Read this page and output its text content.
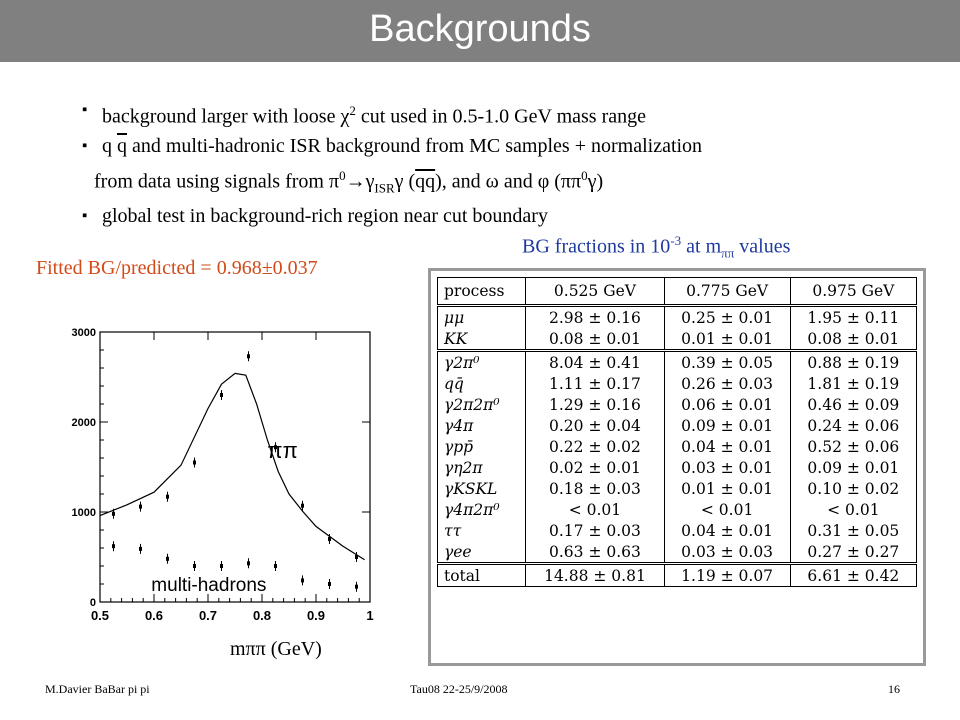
Backgrounds
▪ background larger with loose $\chi^2$ cut used in 0.5-1.0 GeV mass range
▪ q $\overline{q}$ and multi-hadronic ISR background from MC samples + normalization
from data using signals from $\pi^0\to\gamma_{ISR}\gamma$ $(\overline{qq})$, and ω and φ $(\pi\pi^0\gamma)$
▪ global test in background-rich region near cut boundary
BG fractions in $10^{-3}$ at $m_{\pi\pi}$ values
Fitted BG/predicted = 0.968±0.037
0.5	0.6	0.7	0.8	0.9	1
0
1000
2000
3000
ππ
multi-hadrons
mππ (GeV)
process	0.525 GeV	0.775 GeV	0.975 GeV
μμ	2.98 ± 0.16	0.25 ± 0.01	1.95 ± 0.11
KK	0.08 ± 0.01	0.01 ± 0.01	0.08 ± 0.01
γ2π⁰	8.04 ± 0.41	0.39 ± 0.05	0.88 ± 0.19
qq̄	1.11 ± 0.17	0.26 ± 0.03	1.81 ± 0.19
γ2π2π⁰	1.29 ± 0.16	0.06 ± 0.01	0.46 ± 0.09
γ4π	0.20 ± 0.04	0.09 ± 0.01	0.24 ± 0.06
γpp̄	0.22 ± 0.02	0.04 ± 0.01	0.52 ± 0.06
γη2π	0.02 ± 0.01	0.03 ± 0.01	0.09 ± 0.01
γKSKL	0.18 ± 0.03	0.01 ± 0.01	0.10 ± 0.02
γ4π2π⁰	< 0.01	< 0.01	< 0.01
ττ	0.17 ± 0.03	0.04 ± 0.01	0.31 ± 0.05
γee	0.63 ± 0.63	0.03 ± 0.03	0.27 ± 0.27
total	14.88 ± 0.81	1.19 ± 0.07	6.61 ± 0.42
M.Davier BaBar pi pi	Tau08 22-25/9/2008	16
